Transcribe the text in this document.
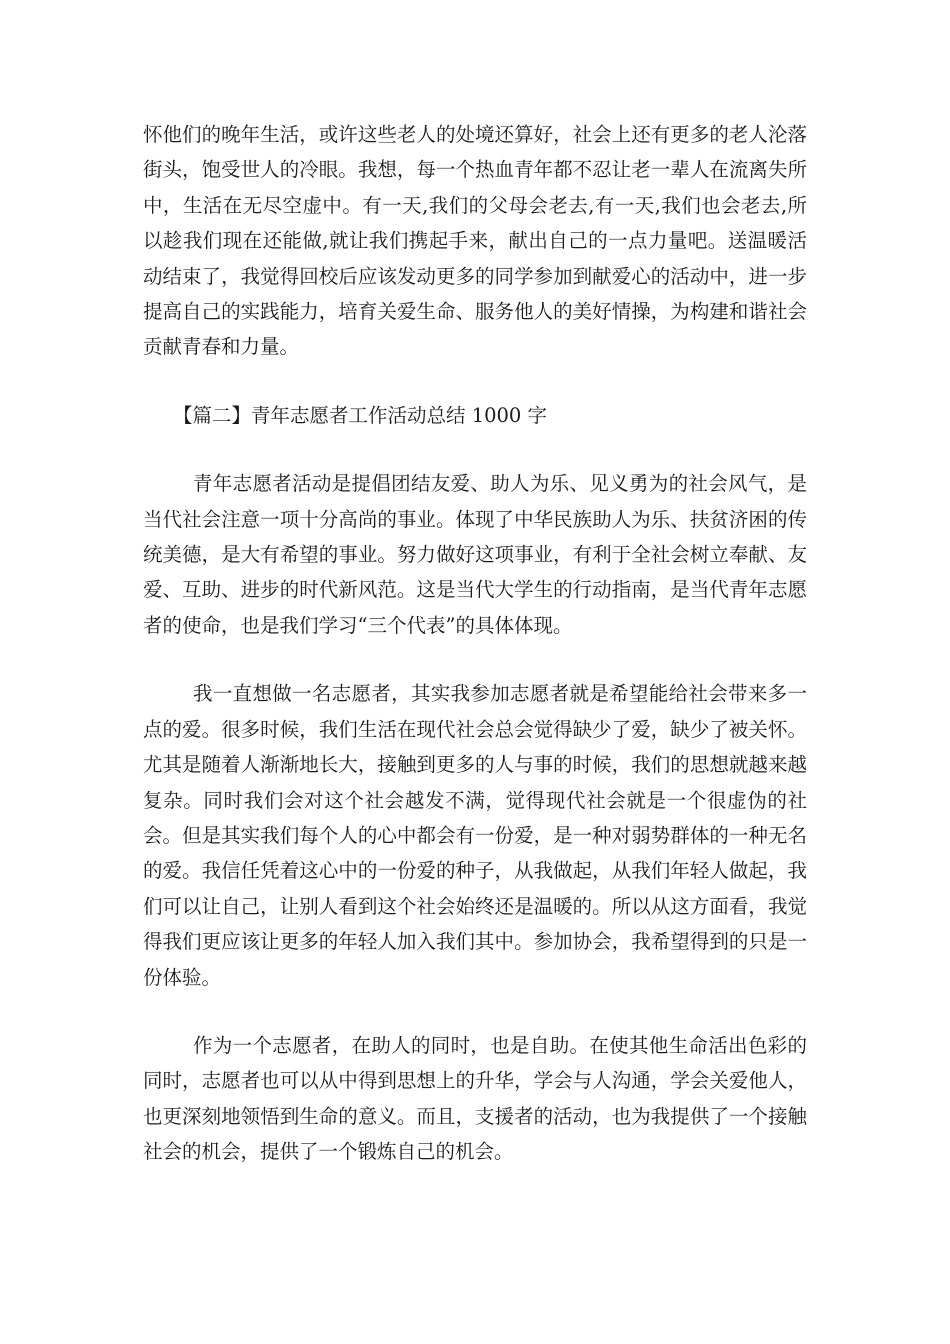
怀他们的晚年生活，或许这些老人的处境还算好，社会上还有更多的老人沦落街头，饱受世人的冷眼。我想，每一个热血青年都不忍让老一辈人在流离失所中，生活在无尽空虚中。有一天,我们的父母会老去,有一天,我们也会老去,所以趁我们现在还能做,就让我们携起手来，献出自己的一点力量吧。送温暖活动结束了，我觉得回校后应该发动更多的同学参加到献爱心的活动中，进一步提高自己的实践能力，培育关爱生命、服务他人的美好情操，为构建和谐社会贡献青春和力量。

【篇二】青年志愿者工作活动总结 1000 字

青年志愿者活动是提倡团结友爱、助人为乐、见义勇为的社会风气，是当代社会注意一项十分高尚的事业。体现了中华民族助人为乐、扶贫济困的传统美德，是大有希望的事业。努力做好这项事业，有利于全社会树立奉献、友爱、互助、进步的时代新风范。这是当代大学生的行动指南，是当代青年志愿者的使命，也是我们学习“三个代表”的具体体现。

我一直想做一名志愿者，其实我参加志愿者就是希望能给社会带来多一点的爱。很多时候，我们生活在现代社会总会觉得缺少了爱，缺少了被关怀。尤其是随着人渐渐地长大，接触到更多的人与事的时候，我们的思想就越来越复杂。同时我们会对这个社会越发不满，觉得现代社会就是一个很虚伪的社会。但是其实我们每个人的心中都会有一份爱，是一种对弱势群体的一种无名的爱。我信任凭着这心中的一份爱的种子，从我做起，从我们年轻人做起，我们可以让自己，让别人看到这个社会始终还是温暖的。所以从这方面看，我觉得我们更应该让更多的年轻人加入我们其中。参加协会，我希望得到的只是一份体验。

作为一个志愿者，在助人的同时，也是自助。在使其他生命活出色彩的同时，志愿者也可以从中得到思想上的升华，学会与人沟通，学会关爱他人，也更深刻地领悟到生命的意义。而且，支援者的活动，也为我提供了一个接触社会的机会，提供了一个锻炼自己的机会。
